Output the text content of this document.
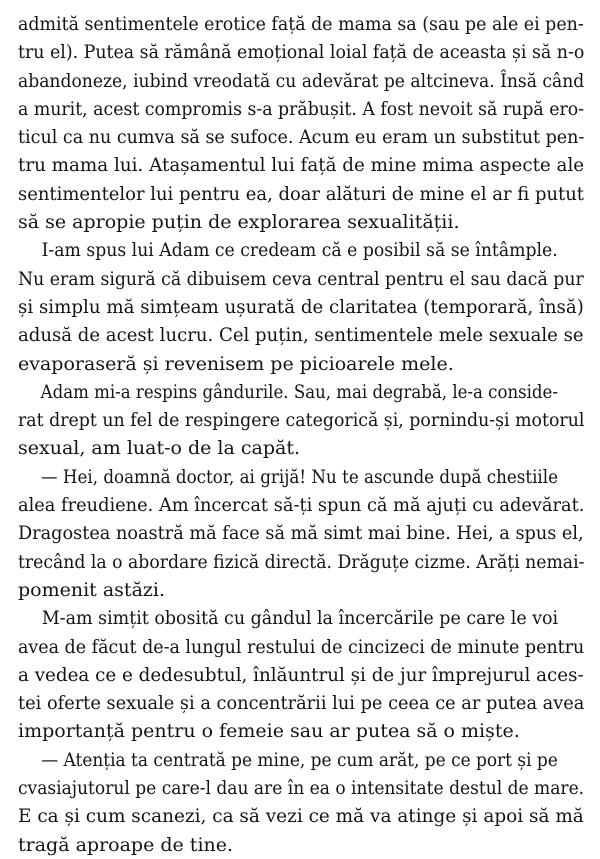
admită sentimentele erotice față de mama sa (sau pe ale ei pen-
tru el). Putea să rămână emoțional loial față de aceasta și să n-o
abandoneze, iubind vreodată cu adevărat pe altcineva. Însă când
a murit, acest compromis s-a prăbușit. A fost nevoit să rupă ero-
ticul ca nu cumva să se sufoce. Acum eu eram un substitut pen-
tru mama lui. Atașamentul lui față de mine mima aspecte ale
sentimentelor lui pentru ea, doar alături de mine el ar fi putut
să se apropie puțin de explorarea sexualității.
I-am spus lui Adam ce credeam că e posibil să se întâmple.
Nu eram sigură că dibuisem ceva central pentru el sau dacă pur
și simplu mă simțeam ușurată de claritatea (temporară, însă)
adusă de acest lucru. Cel puțin, sentimentele mele sexuale se
evaporaseră și revenisem pe picioarele mele.
Adam mi-a respins gândurile. Sau, mai degrabă, le-a conside-
rat drept un fel de respingere categorică și, pornindu-și motorul
sexual, am luat-o de la capăt.
— Hei, doamnă doctor, ai grijă! Nu te ascunde după chestiile
alea freudiene. Am încercat să-ți spun că mă ajuți cu adevărat.
Dragostea noastră mă face să mă simt mai bine. Hei, a spus el,
trecând la o abordare fizică directă. Drăguțe cizme. Arăți nemai-
pomenit astăzi.
M-am simțit obosită cu gândul la încercările pe care le voi
avea de făcut de-a lungul restului de cincizeci de minute pentru
a vedea ce e dedesubtul, înlăuntrul și de jur împrejurul aces-
tei oferte sexuale și a concentrării lui pe ceea ce ar putea avea
importanță pentru o femeie sau ar putea să o miște.
— Atenția ta centrată pe mine, pe cum arăt, pe ce port și pe
cvasiajutorul pe care-l dau are în ea o intensitate destul de mare.
E ca și cum scanezi, ca să vezi ce mă va atinge și apoi să mă
tragă aproape de tine.
